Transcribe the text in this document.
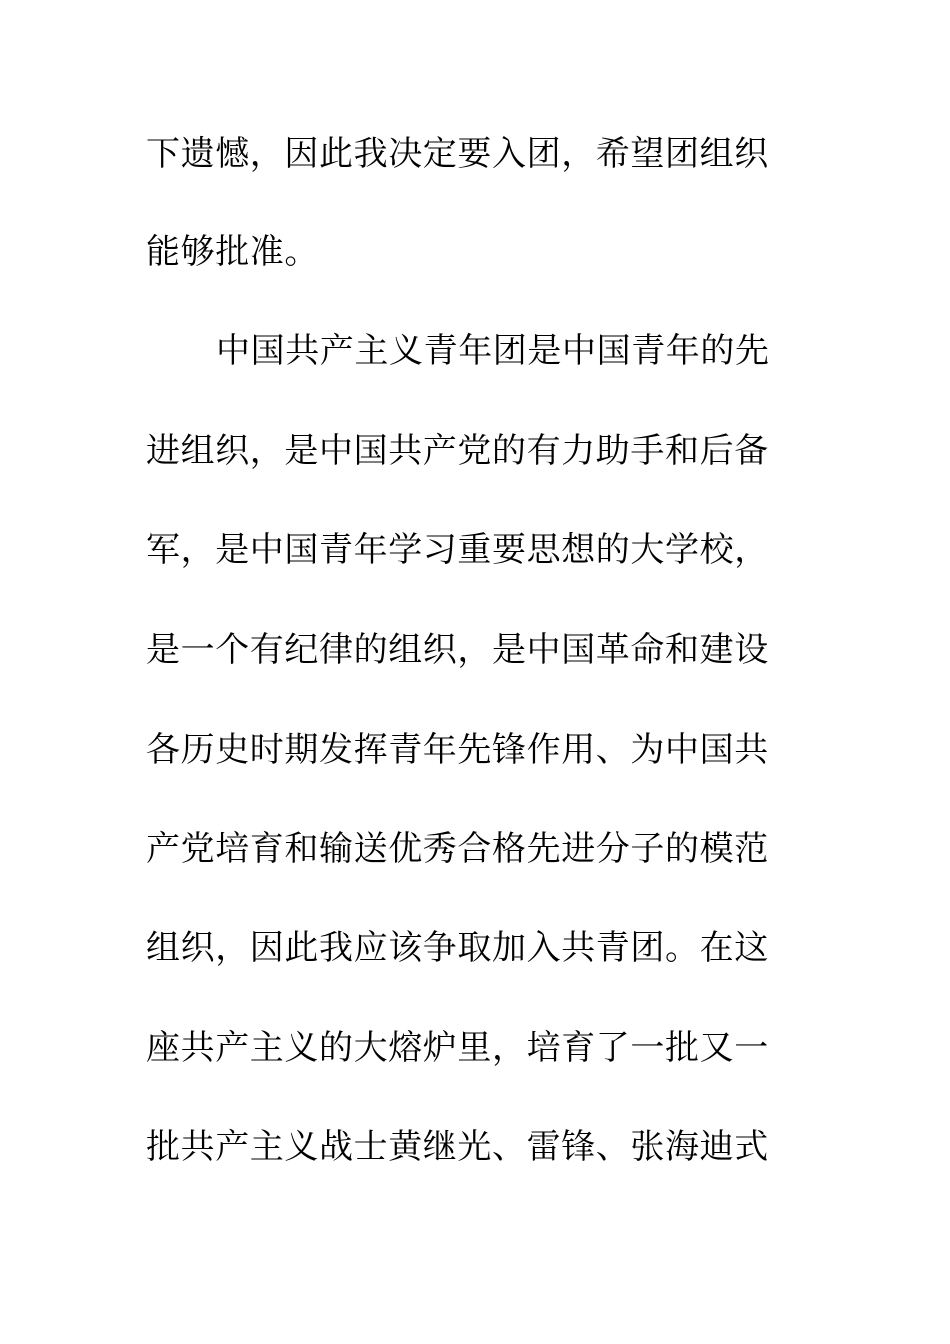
下遗憾，因此我决定要入团，希望团组织
能够批准。
中国共产主义青年团是中国青年的先
进组织，是中国共产党的有力助手和后备
军，是中国青年学习重要思想的大学校，
是一个有纪律的组织，是中国革命和建设
各历史时期发挥青年先锋作用、为中国共
产党培育和输送优秀合格先进分子的模范
组织，因此我应该争取加入共青团。在这
座共产主义的大熔炉里，培育了一批又一
批共产主义战士黄继光、雷锋、张海迪式
